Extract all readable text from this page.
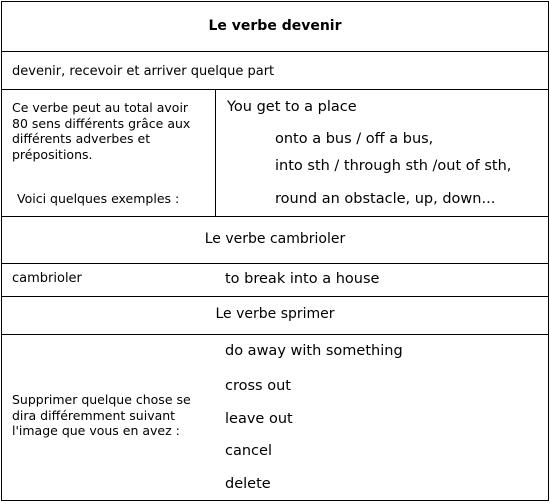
Le verbe devenir
devenir, recevoir et arriver quelque part
Ce verbe peut au total avoir
80 sens différents grâce aux
différents adverbes et
prépositions.
Voici quelques exemples :
You get to a place
onto a bus / off a bus,
into sth / through sth /out of sth,
round an obstacle, up, down...
Le verbe cambrioler
cambrioler	to break into a house
Le verbe sprimer
Supprimer quelque chose se
dira différemment suivant
l'image que vous en avez :
do away with something
cross out
leave out
cancel
delete
